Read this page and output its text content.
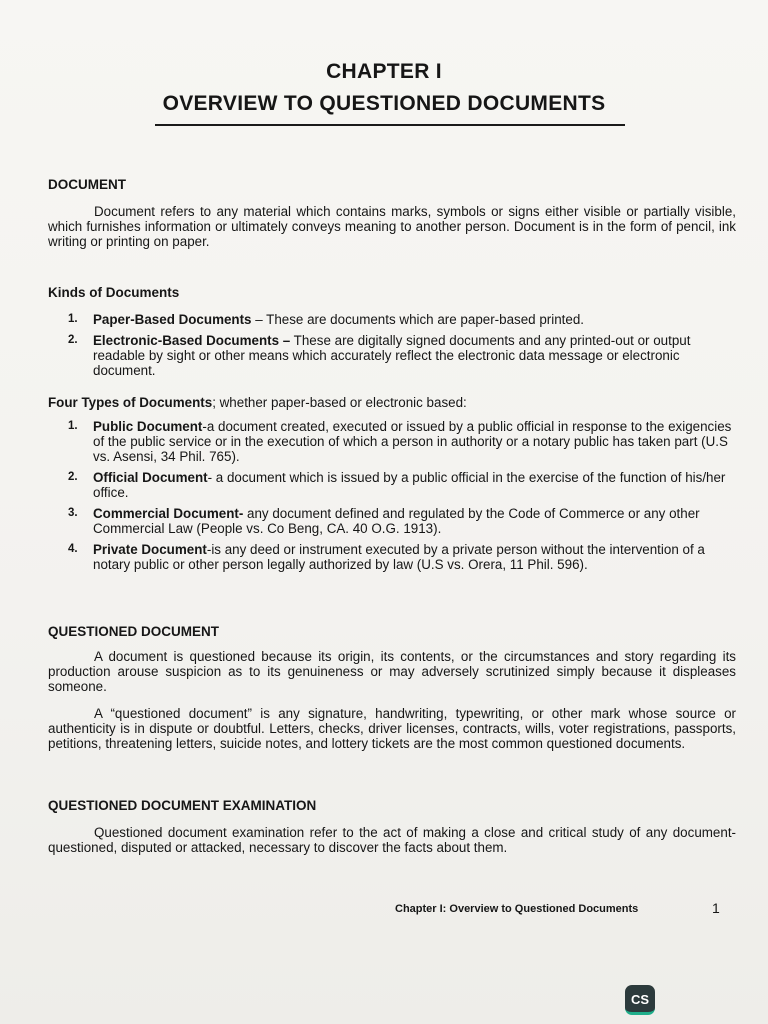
CHAPTER I
OVERVIEW TO QUESTIONED DOCUMENTS
DOCUMENT

Document refers to any material which contains marks, symbols or signs either visible or partially visible, which furnishes information or ultimately conveys meaning to another person. Document is in the form of pencil, ink writing or printing on paper.

Kinds of Documents
1. Paper-Based Documents – These are documents which are paper-based printed.
2. Electronic-Based Documents – These are digitally signed documents and any printed-out or output readable by sight or other means which accurately reflect the electronic data message or electronic document.

Four Types of Documents; whether paper-based or electronic based:

1. Public Document-a document created, executed or issued by a public official in response to the exigencies of the public service or in the execution of which a person in authority or a notary public has taken part (U.S vs. Asensi, 34 Phil. 765).
2. Official Document- a document which is issued by a public official in the exercise of the function of his/her office.
3. Commercial Document- any document defined and regulated by the Code of Commerce or any other Commercial Law (People vs. Co Beng, CA. 40 O.G. 1913).
4. Private Document-is any deed or instrument executed by a private person without the intervention of a notary public or other person legally authorized by law (U.S vs. Orera, 11 Phil. 596).
QUESTIONED DOCUMENT

A document is questioned because its origin, its contents, or the circumstances and story regarding its production arouse suspicion as to its genuineness or may adversely scrutinized simply because it displeases someone.

A “questioned document” is any signature, handwriting, typewriting, or other mark whose source or authenticity is in dispute or doubtful. Letters, checks, driver licenses, contracts, wills, voter registrations, passports, petitions, threatening letters, suicide notes, and lottery tickets are the most common questioned documents.

QUESTIONED DOCUMENT EXAMINATION

Questioned document examination refer to the act of making a close and critical study of any document-questioned, disputed or attacked, necessary to discover the facts about them.

Chapter I: Overview to Questioned Documents	1
CS
